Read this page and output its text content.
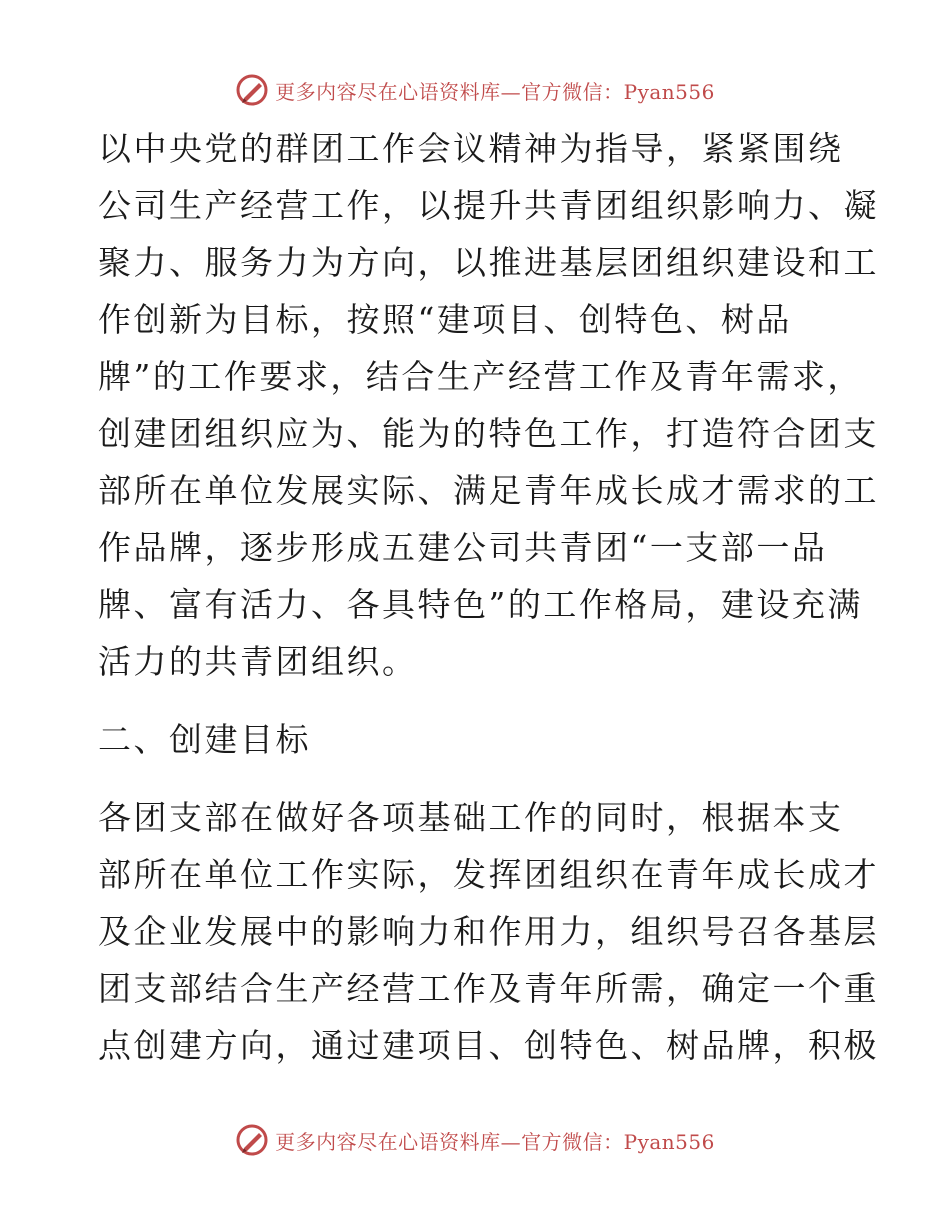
更多内容尽在心语资料库—官方微信：Pyan556
以中央党的群团工作会议精神为指导，紧紧围绕
公司生产经营工作，以提升共青团组织影响力、凝
聚力、服务力为方向，以推进基层团组织建设和工
作创新为目标，按照“建项目、创特色、树品
牌”的工作要求，结合生产经营工作及青年需求，
创建团组织应为、能为的特色工作，打造符合团支
部所在单位发展实际、满足青年成长成才需求的工
作品牌，逐步形成五建公司共青团“一支部一品
牌、富有活力、各具特色”的工作格局，建设充满
活力的共青团组织。
二、创建目标
各团支部在做好各项基础工作的同时，根据本支
部所在单位工作实际，发挥团组织在青年成长成才
及企业发展中的影响力和作用力，组织号召各基层
团支部结合生产经营工作及青年所需，确定一个重
点创建方向，通过建项目、创特色、树品牌，积极
更多内容尽在心语资料库—官方微信：Pyan556
